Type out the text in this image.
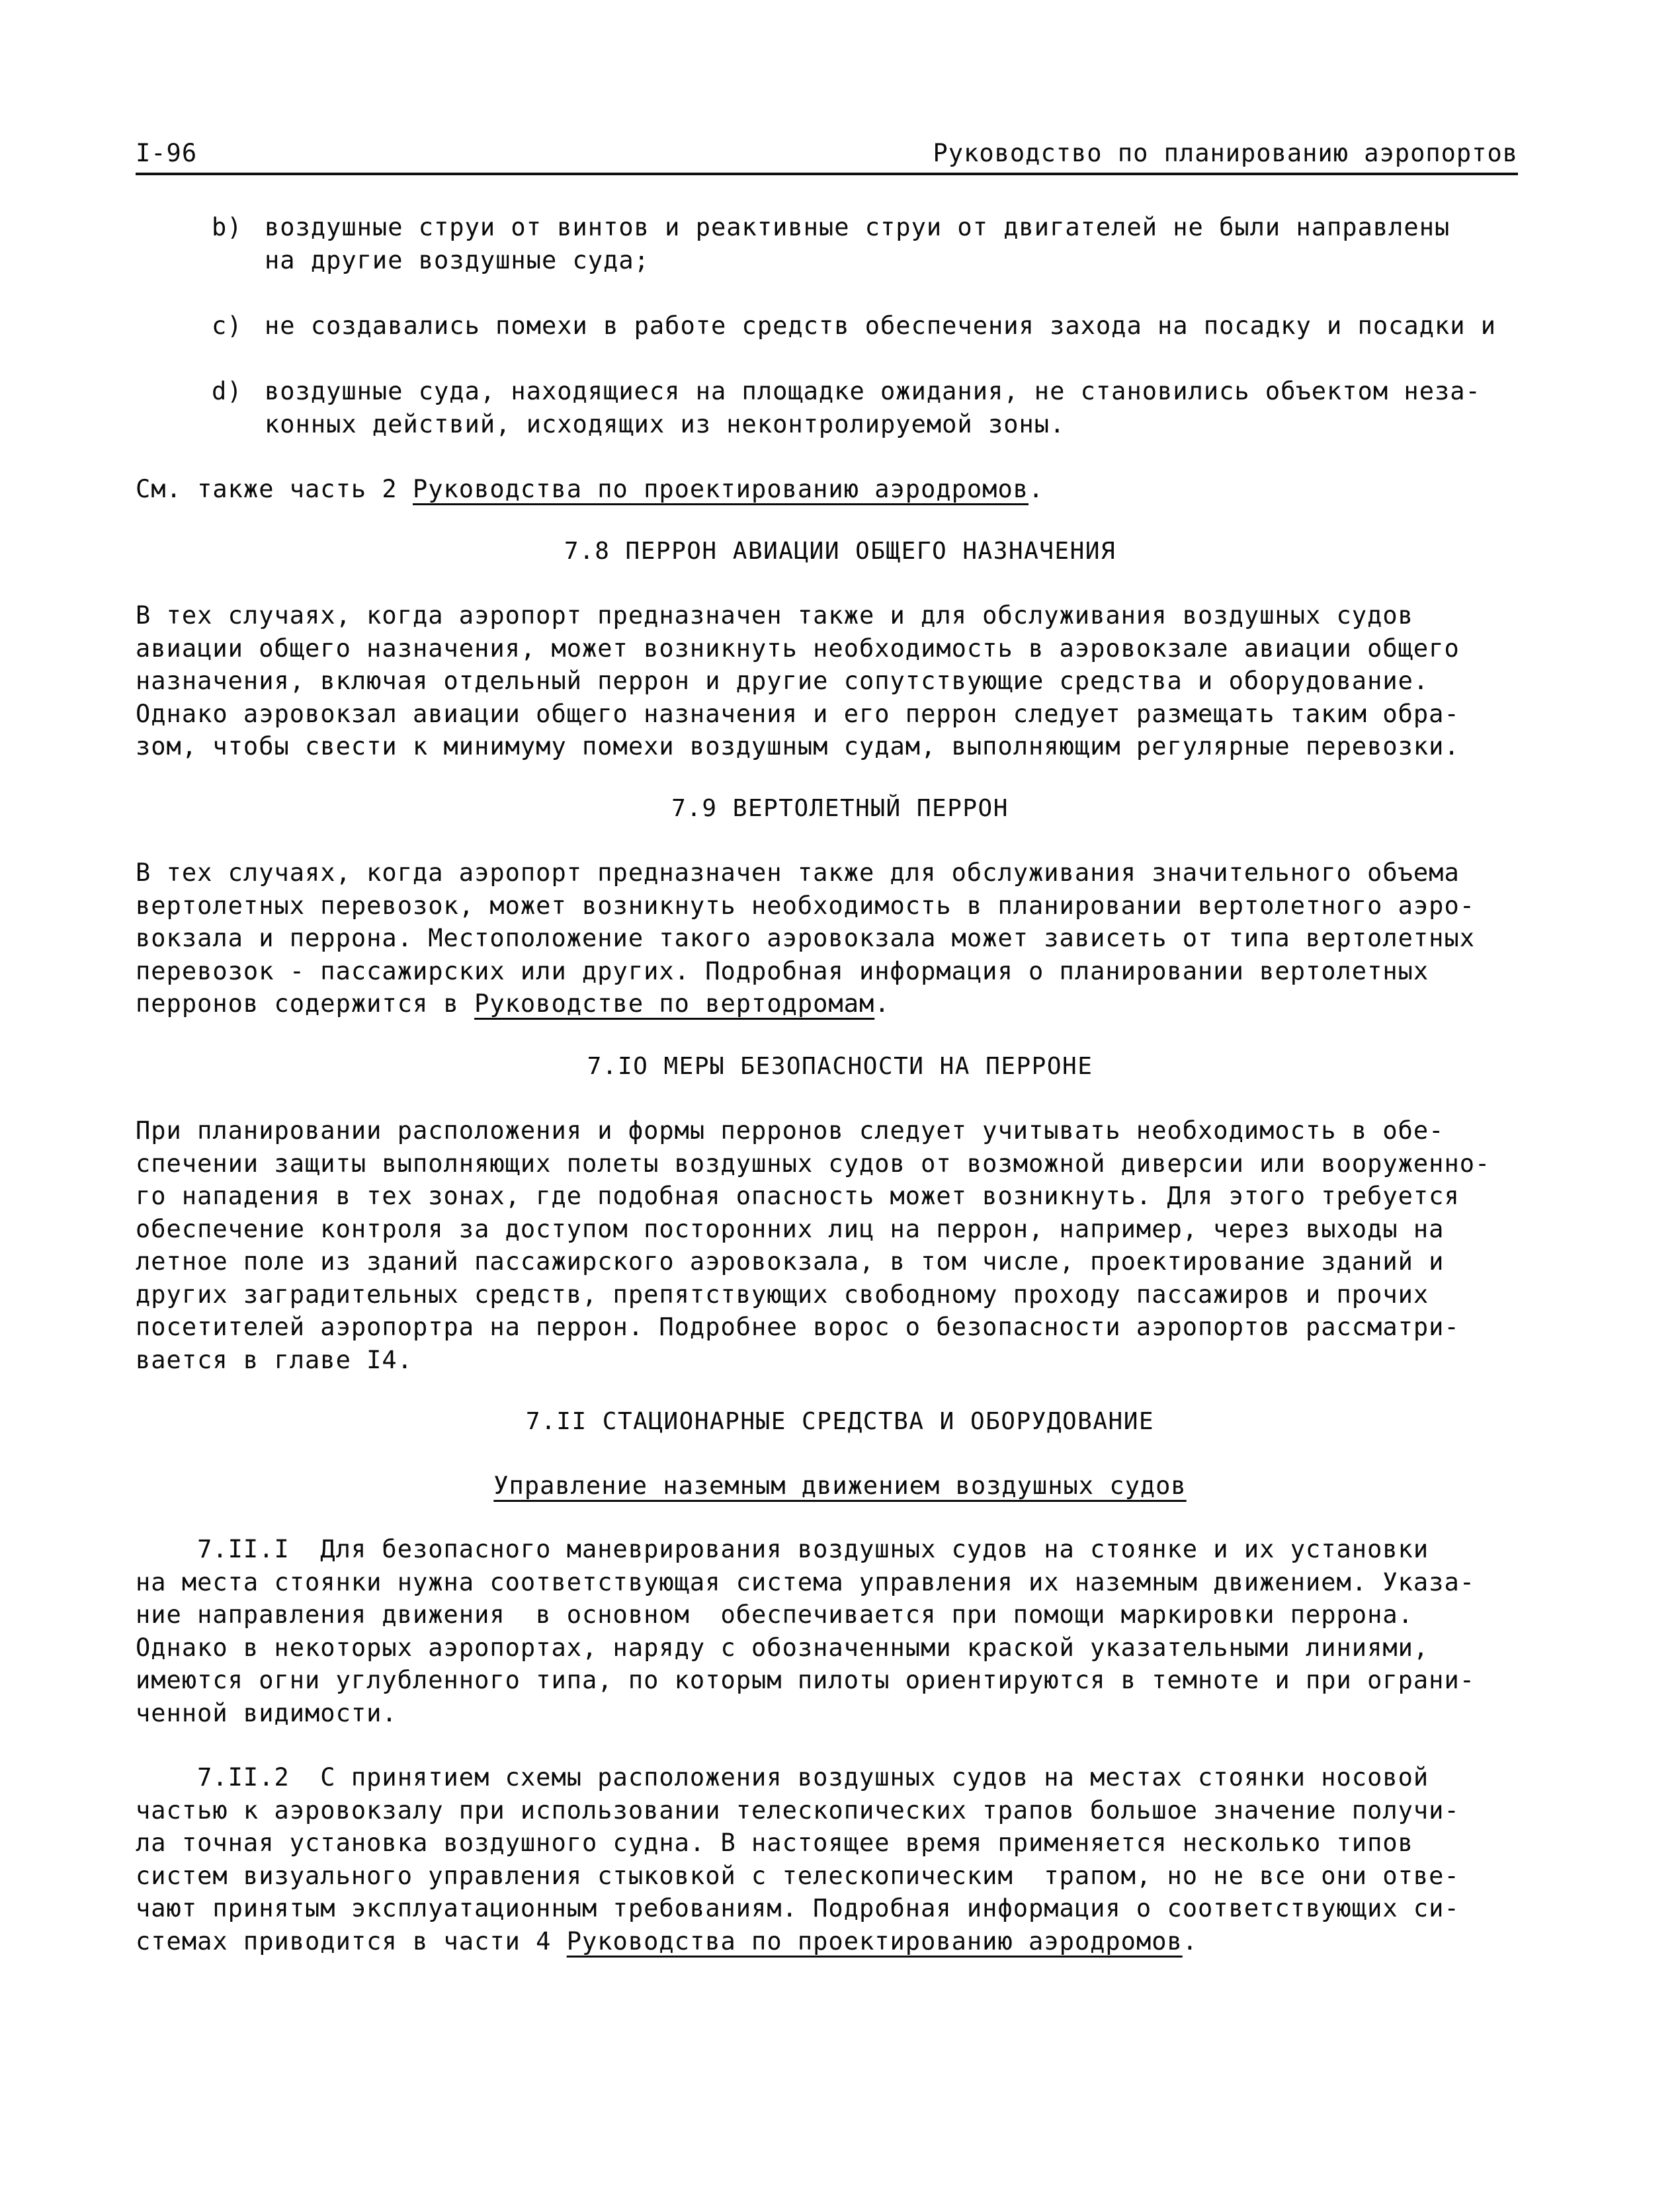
I-96	Руководство по планированию аэропортов
b) воздушные струи от винтов и реактивные струи от двигателей не были направлены
на другие воздушные суда;
c) не создавались помехи в работе средств обеспечения захода на посадку и посадки и
d) воздушные суда, находящиеся на площадке ожидания, не становились объектом неза-
конных действий, исходящих из неконтролируемой зоны.
См. также часть 2 Руководства по проектированию аэродромов.
7.8 ПЕРРОН АВИАЦИИ ОБЩЕГО НАЗНАЧЕНИЯ
В тех случаях, когда аэропорт предназначен также и для обслуживания воздушных судов
авиации общего назначения, может возникнуть необходимость в аэровокзале авиации общего
назначения, включая отдельный перрон и другие сопутствующие средства и оборудование.
Однако аэровокзал авиации общего назначения и его перрон следует размещать таким обра-
зом, чтобы свести к минимуму помехи воздушным судам, выполняющим регулярные перевозки.
7.9 ВЕРТОЛЕТНЫЙ ПЕРРОН
В тех случаях, когда аэропорт предназначен также для обслуживания значительного объема
вертолетных перевозок, может возникнуть необходимость в планировании вертолетного аэро-
вокзала и перрона. Местоположение такого аэровокзала может зависеть от типа вертолетных
перевозок - пассажирских или других. Подробная информация о планировании вертолетных
перронов содержится в Руководстве по вертодромам.
7.IO МЕРЫ БЕЗОПАСНОСТИ НА ПЕРРОНЕ
При планировании расположения и формы перронов следует учитывать необходимость в обе-
спечении защиты выполняющих полеты воздушных судов от возможной диверсии или вооруженно-
го нападения в тех зонах, где подобная опасность может возникнуть. Для этого требуется
обеспечение контроля за доступом посторонних лиц на перрон, например, через выходы на
летное поле из зданий пассажирского аэровокзала, в том числе, проектирование зданий и
других заградительных средств, препятствующих свободному проходу пассажиров и прочих
посетителей аэропортра на перрон. Подробнее ворос о безопасности аэропортов рассматри-
вается в главе I4.
7.II СТАЦИОНАРНЫЕ СРЕДСТВА И ОБОРУДОВАНИЕ
Управление наземным движением воздушных судов
7.II.I  Для безопасного маневрирования воздушных судов на стоянке и их установки
на места стоянки нужна соответствующая система управления их наземным движением. Указа-
ние направления движения  в основном  обеспечивается при помощи маркировки перрона.
Однако в некоторых аэропортах, наряду с обозначенными краской указательными линиями,
имеются огни углубленного типа, по которым пилоты ориентируются в темноте и при ограни-
ченной видимости.
7.II.2  С принятием схемы расположения воздушных судов на местах стоянки носовой
частью к аэровокзалу при использовании телескопических трапов большое значение получи-
ла точная установка воздушного судна. В настоящее время применяется несколько типов
систем визуального управления стыковкой с телескопическим  трапом, но не все они отве-
чают принятым эксплуатационным требованиям. Подробная информация о соответствующих си-
стемах приводится в части 4 Руководства по проектированию аэродромов.
